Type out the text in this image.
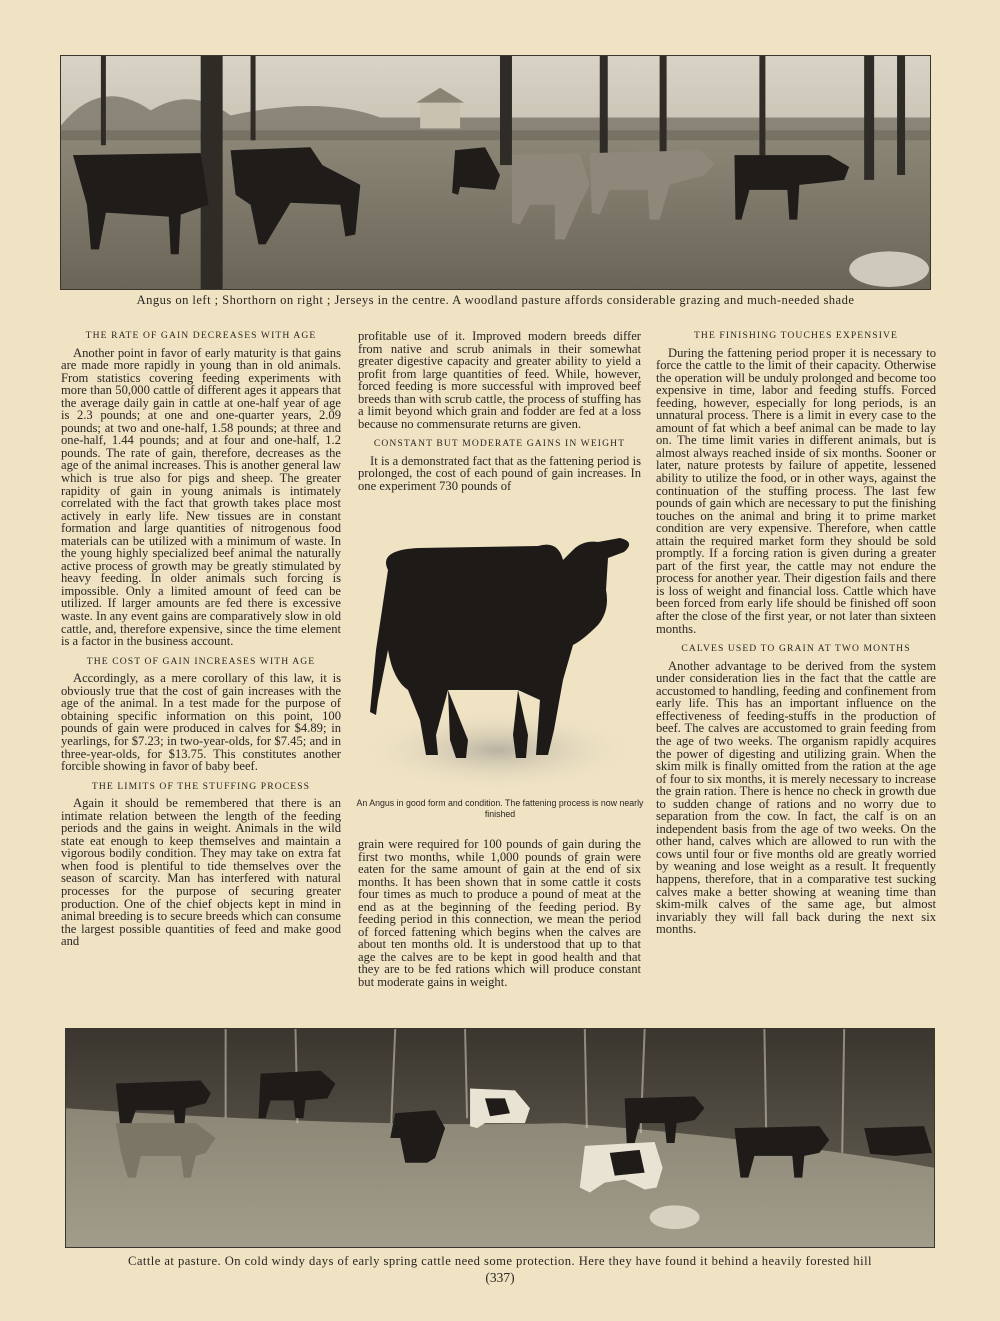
Angus on left ; Shorthorn on right ; Jerseys in the centre. A woodland pasture affords considerable grazing and much-needed shade
THE RATE OF GAIN DECREASES WITH AGE

Another point in favor of early maturity is that gains are made more rapidly in young than in old animals. From statistics covering feeding experiments with more than 50,000 cattle of different ages it appears that the average daily gain in cattle at one-half year of age is 2.3 pounds; at one and one-quarter years, 2.09 pounds; at two and one-half, 1.58 pounds; at three and one-half, 1.44 pounds; and at four and one-half, 1.2 pounds. The rate of gain, therefore, decreases as the age of the animal increases. This is another general law which is true also for pigs and sheep. The greater rapidity of gain in young animals is intimately correlated with the fact that growth takes place most actively in early life. New tissues are in constant formation and large quantities of nitrogenous food materials can be utilized with a minimum of waste. In the young highly specialized beef animal the naturally active process of growth may be greatly stimulated by heavy feeding. In older animals such forcing is impossible. Only a limited amount of feed can be utilized. If larger amounts are fed there is excessive waste. In any event gains are comparatively slow in old cattle, and, therefore expensive, since the time element is a factor in the business account.

THE COST OF GAIN INCREASES WITH AGE

Accordingly, as a mere corollary of this law, it is obviously true that the cost of gain increases with the age of the animal. In a test made for the purpose of obtaining specific information on this point, 100 pounds of gain were produced in calves for $4.89; in yearlings, for $7.23; in two-year-olds, for $7.45; and in three-year-olds, for $13.75. This constitutes another forcible showing in favor of baby beef.

THE LIMITS OF THE STUFFING PROCESS

Again it should be remembered that there is an intimate relation between the length of the feeding periods and the gains in weight. Animals in the wild state eat enough to keep themselves and maintain a vigorous bodily condition. They may take on extra fat when food is plentiful to tide themselves over the season of scarcity. Man has interfered with natural processes for the purpose of securing greater production. One of the chief objects kept in mind in animal breeding is to secure breeds which can consume the largest possible quantities of feed and make good and

profitable use of it. Improved modern breeds differ from native and scrub animals in their somewhat greater digestive capacity and greater ability to yield a profit from large quantities of feed. While, however, forced feeding is more successful with improved beef breeds than with scrub cattle, the process of stuffing has a limit beyond which grain and fodder are fed at a loss because no commensurate returns are given.

CONSTANT BUT MODERATE GAINS IN WEIGHT

It is a demonstrated fact that as the fattening period is prolonged, the cost of each pound of gain increases. In one experiment 730 pounds of

An Angus in good form and condition. The fattening process is now nearly finished

grain were required for 100 pounds of gain during the first two months, while 1,000 pounds of grain were eaten for the same amount of gain at the end of six months. It has been shown that in some cattle it costs four times as much to produce a pound of meat at the end as at the beginning of the feeding period. By feeding period in this connection, we mean the period of forced fattening which begins when the calves are about ten months old. It is understood that up to that age the calves are to be kept in good health and that they are to be fed rations which will produce constant but moderate gains in weight.

THE FINISHING TOUCHES EXPENSIVE

During the fattening period proper it is necessary to force the cattle to the limit of their capacity. Otherwise the operation will be unduly prolonged and become too expensive in time, labor and feeding stuffs. Forced feeding, however, especially for long periods, is an unnatural process. There is a limit in every case to the amount of fat which a beef animal can be made to lay on. The time limit varies in different animals, but is almost always reached inside of six months. Sooner or later, nature protests by failure of appetite, lessened ability to utilize the food, or in other ways, against the continuation of the stuffing process. The last few pounds of gain which are necessary to put the finishing touches on the animal and bring it to prime market condition are very expensive. Therefore, when cattle attain the required market form they should be sold promptly. If a forcing ration is given during a greater part of the first year, the cattle may not endure the process for another year. Their digestion fails and there is loss of weight and financial loss. Cattle which have been forced from early life should be finished off soon after the close of the first year, or not later than sixteen months.

CALVES USED TO GRAIN AT TWO MONTHS

Another advantage to be derived from the system under consideration lies in the fact that the cattle are accustomed to handling, feeding and confinement from early life. This has an important influence on the effectiveness of feeding-stuffs in the production of beef. The calves are accustomed to grain feeding from the age of two weeks. The organism rapidly acquires the power of digesting and utilizing grain. When the skim milk is finally omitted from the ration at the age of four to six months, it is merely necessary to increase the grain ration. There is hence no check in growth due to sudden change of rations and no worry due to separation from the cow. In fact, the calf is on an independent basis from the age of two weeks. On the other hand, calves which are allowed to run with the cows until four or five months old are greatly worried by weaning and lose weight as a result. It frequently happens, therefore, that in a comparative test sucking calves make a better showing at weaning time than skim-milk calves of the same age, but almost invariably they will fall back during the next six months.

Cattle at pasture. On cold windy days of early spring cattle need some protection. Here they have found it behind a heavily forested hill
(337)
